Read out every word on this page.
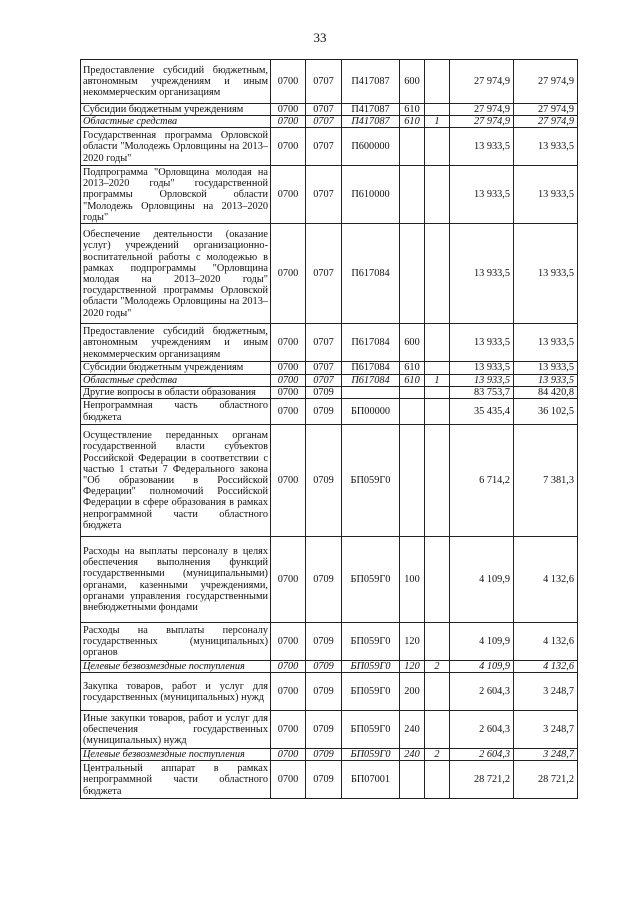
33
Предоставление субсидий бюджетным, автономным учреждениям и иным некоммерческим организациям	0700	0707	П417087	600		27 974,9	27 974,9
Субсидии бюджетным учреждениям	0700	0707	П417087	610		27 974,9	27 974,9
Областные средства	0700	0707	П417087	610	1	27 974,9	27 974,9
Государственная программа Орловской области "Молодежь Орловщины на 2013–2020 годы"	0700	0707	П600000			13 933,5	13 933,5
Подпрограмма "Орловщина молодая на 2013–2020 годы" государственной программы Орловской области "Молодежь Орловщины на 2013–2020 годы"	0700	0707	П610000			13 933,5	13 933,5
Обеспечение деятельности (оказание услуг) учреждений организационно-воспитательной работы с молодежью в рамках подпрограммы "Орловщина молодая на 2013–2020 годы" государственной программы Орловской области "Молодежь Орловщины на 2013–2020 годы"	0700	0707	П617084			13 933,5	13 933,5
Предоставление субсидий бюджетным, автономным учреждениям и иным некоммерческим организациям	0700	0707	П617084	600		13 933,5	13 933,5
Субсидии бюджетным учреждениям	0700	0707	П617084	610		13 933,5	13 933,5
Областные средства	0700	0707	П617084	610	1	13 933,5	13 933,5
Другие вопросы в области образования	0700	0709				83 753,7	84 420,8
Непрограммная часть областного бюджета	0700	0709	БП00000			35 435,4	36 102,5
Осуществление переданных органам государственной власти субъектов Российской Федерации в соответствии с частью 1 статьи 7 Федерального закона "Об образовании в Российской Федерации" полномочий Российской Федерации в сфере образования в рамках непрограммной части областного бюджета	0700	0709	БП059Г0			6 714,2	7 381,3
Расходы на выплаты персоналу в целях обеспечения выполнения функций государственными (муниципальными) органами, казенными учреждениями, органами управления государственными внебюджетными фондами	0700	0709	БП059Г0	100		4 109,9	4 132,6
Расходы на выплаты персоналу государственных (муниципальных) органов	0700	0709	БП059Г0	120		4 109,9	4 132,6
Целевые безвозмездные поступления	0700	0709	БП059Г0	120	2	4 109,9	4 132,6
Закупка товаров, работ и услуг для государственных (муниципальных) нужд	0700	0709	БП059Г0	200		2 604,3	3 248,7
Иные закупки товаров, работ и услуг для обеспечения государственных (муниципальных) нужд	0700	0709	БП059Г0	240		2 604,3	3 248,7
Целевые безвозмездные поступления	0700	0709	БП059Г0	240	2	2 604,3	3 248,7
Центральный аппарат в рамках непрограммной части областного бюджета	0700	0709	БП07001			28 721,2	28 721,2
